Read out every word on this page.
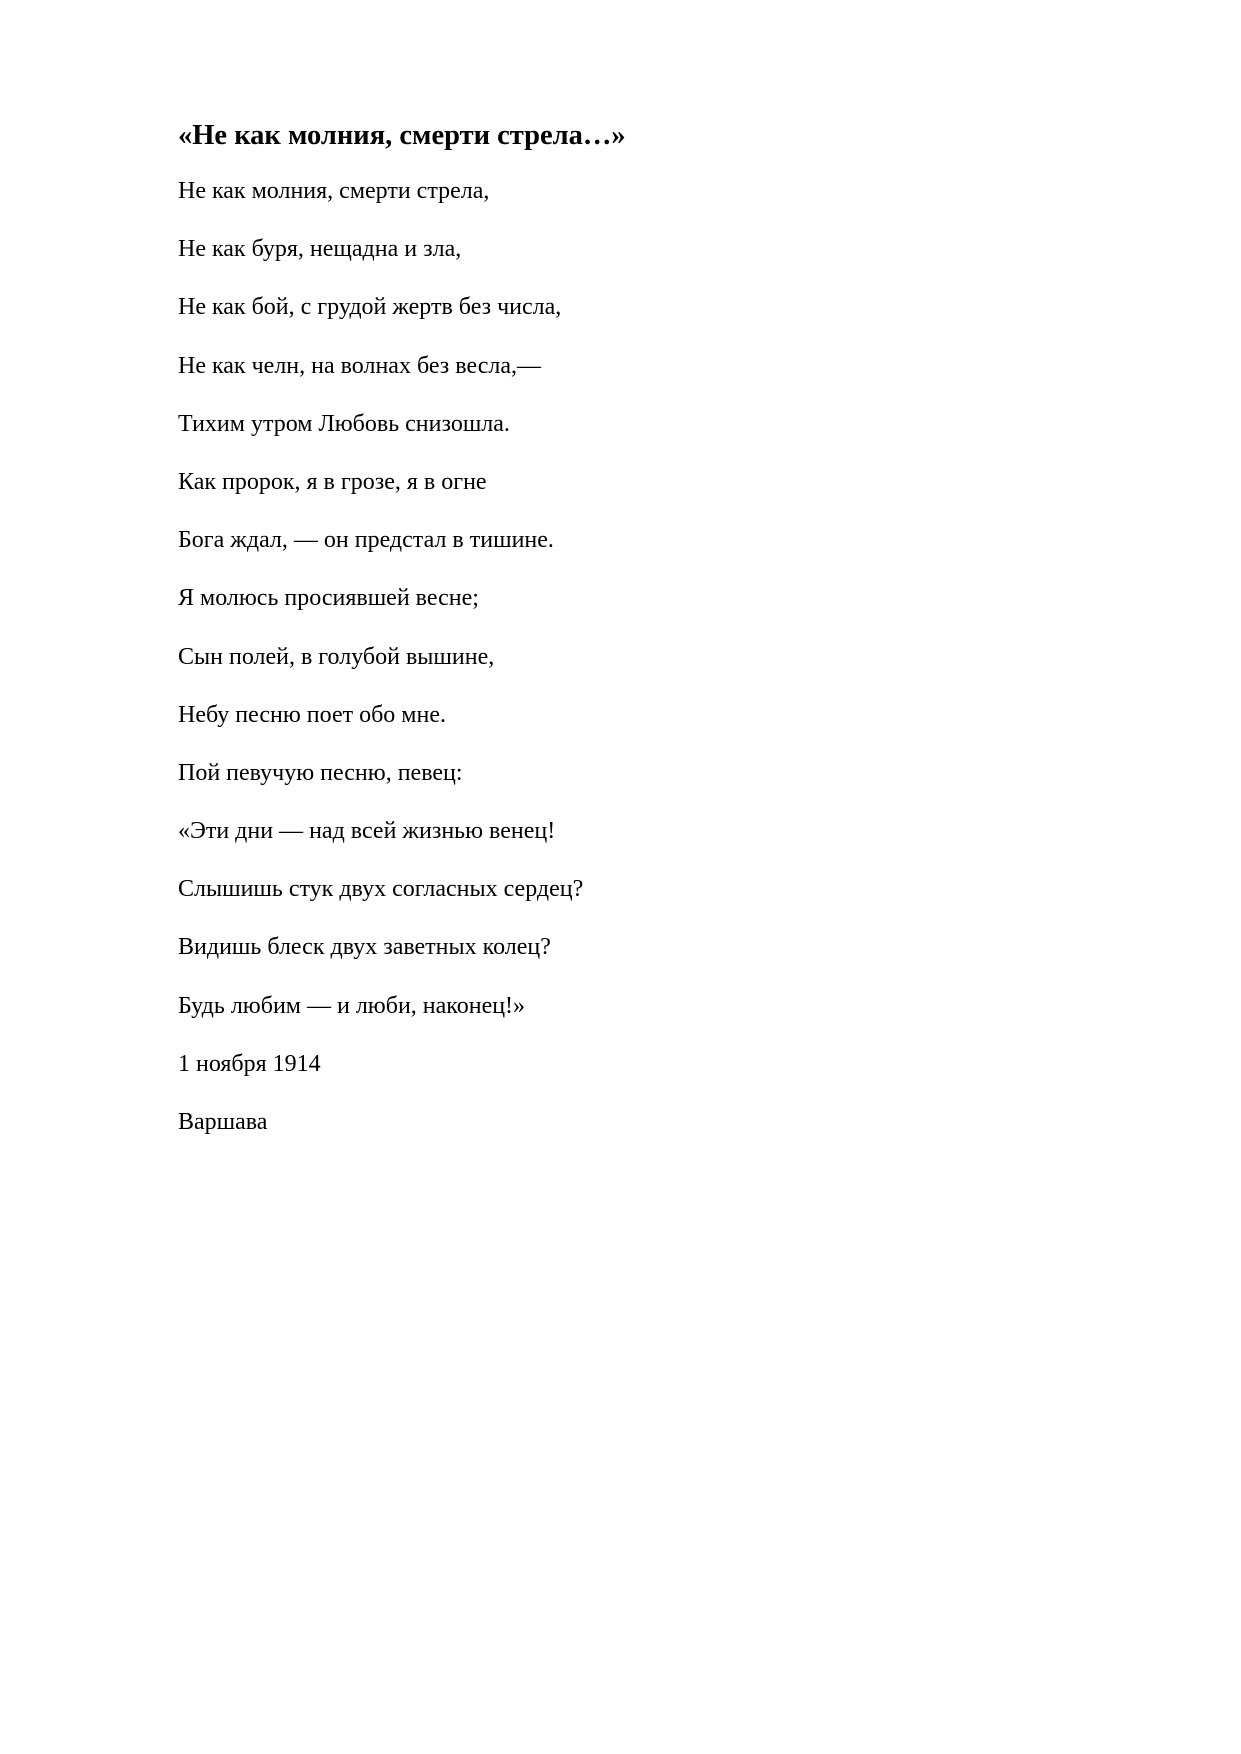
«Не как молния, смерти стрела…»
Не как молния, смерти стрела,
Не как буря, нещадна и зла,
Не как бой, с грудой жертв без числа,
Не как челн, на волнах без весла,—
Тихим утром Любовь снизошла.
Как пророк, я в грозе, я в огне
Бога ждал, — он предстал в тишине.
Я молюсь просиявшей весне;
Сын полей, в голубой вышине,
Небу песню поет обо мне.
Пой певучую песню, певец:
«Эти дни — над всей жизнью венец!
Слышишь стук двух согласных сердец?
Видишь блеск двух заветных колец?
Будь любим — и люби, наконец!»
1 ноября 1914
Варшава
